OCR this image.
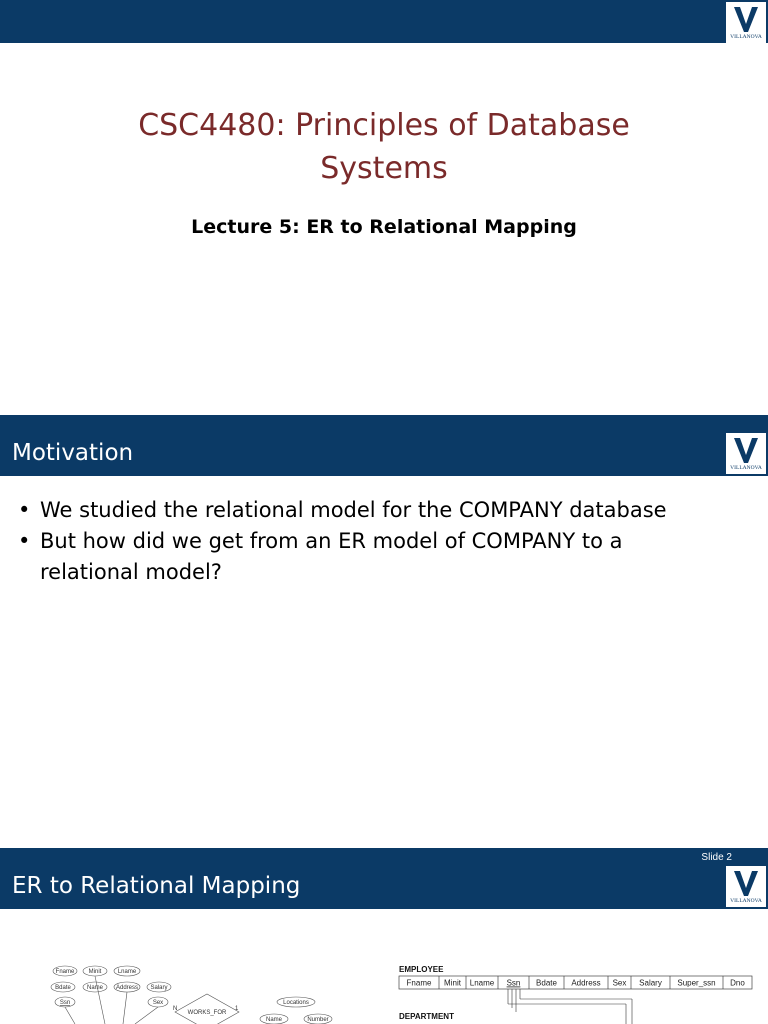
VILLANOVA
CSC4480: Principles of Database
Systems
Lecture 5: ER to Relational Mapping
Motivation
VILLANOVA
• We studied the relational model for the COMPANY database
• But how did we get from an ER model of COMPANY to a relational model?
Slide 2
ER to Relational Mapping
VILLANOVA
Fname Minit	Lname
Bdate	Name Address Salary
Ssn	Sex	Locations
Name	Number
WORKS_FOR
N	1
EMPLOYEE
Fname Minit Lname Ssn Bdate Address Sex Salary Super_ssn Dno
DEPARTMENT
